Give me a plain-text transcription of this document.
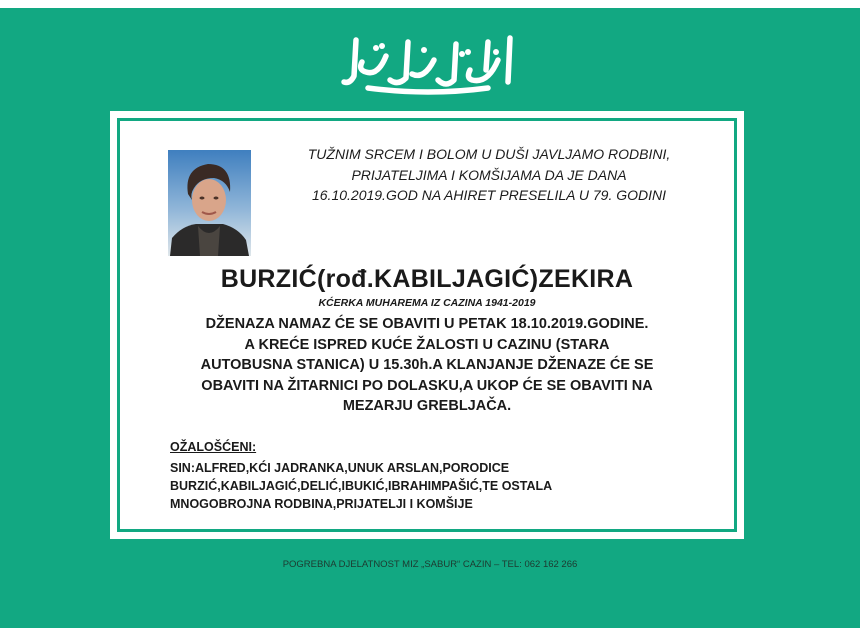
TUŽNIM SRCEM I BOLOM U DUŠI JAVLJAMO RODBINI,
PRIJATELJIMA I KOMŠIJAMA DA JE DANA
16.10.2019.GOD NA AHIRET PRESELILA U 79. GODINI
BURZIĆ(rođ.KABILJAGIĆ)ZEKIRA
KĆERKA MUHAREMA IZ CAZINA 1941-2019
DŽENAZA NAMAZ ĆE SE OBAVITI U PETAK 18.10.2019.GODINE.
A KREĆE ISPRED KUĆE ŽALOSTI U CAZINU (STARA
AUTOBUSNA STANICA) U 15.30h.A KLANJANJE DŽENAZE ĆE SE
OBAVITI NA ŽITARNICI PO DOLASKU,A UKOP ĆE SE OBAVITI NA
MEZARJU GREBLJAČA.
OŽALOŠĆENI:
SIN:ALFRED,KĆI JADRANKA,UNUK ARSLAN,PORODICE
BURZIĆ,KABILJAGIĆ,DELIĆ,IBUKIĆ,IBRAHIMPAŠIĆ,TE OSTALA
MNOGOBROJNA RODBINA,PRIJATELJI I KOMŠIJE
POGREBNA DJELATNOST MIZ „SABUR“ CAZIN – TEL: 062 162 266
